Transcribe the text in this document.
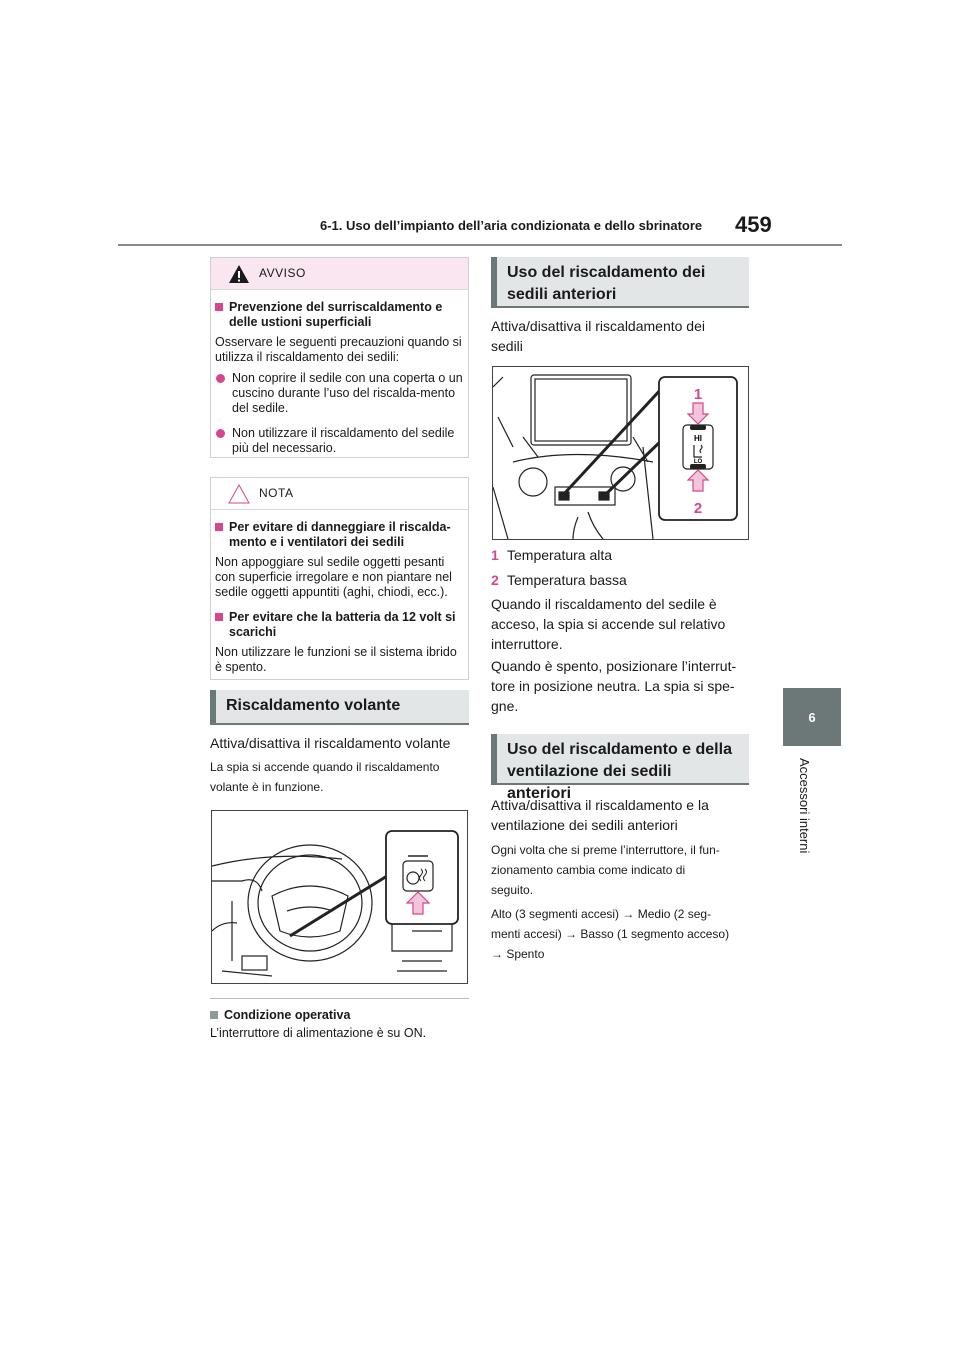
6-1. Uso dell’impianto dell’aria condizionata e dello sbrinatore 459
6
Accessori interni
AVVISO
Prevenzione del surriscaldamento e delle ustioni superficiali
Osservare le seguenti precauzioni quando si utilizza il riscaldamento dei sedili:
Non coprire il sedile con una coperta o un cuscino durante l’uso del riscalda-mento del sedile.
Non utilizzare il riscaldamento del sedile più del necessario.
NOTA
Per evitare di danneggiare il riscalda-mento e i ventilatori dei sedili
Non appoggiare sul sedile oggetti pesanti con superficie irregolare e non piantare nel sedile oggetti appuntiti (aghi, chiodi, ecc.).
Per evitare che la batteria da 12 volt si scarichi
Non utilizzare le funzioni se il sistema ibrido è spento.
Riscaldamento volante
Attiva/disattiva il riscaldamento volante
La spia si accende quando il riscaldamento
volante è in funzione.
Condizione operativa
L’interruttore di alimentazione è su ON.
Uso del riscaldamento dei
sedili anteriori
Attiva/disattiva il riscaldamento dei
sedili
HI
LO
1
2
1 Temperatura alta
2 Temperatura bassa
Quando il riscaldamento del sedile è
acceso, la spia si accende sul relativo
interruttore.
Quando è spento, posizionare l’interrut-
tore in posizione neutra. La spia si spe-
gne.
Uso del riscaldamento e della
ventilazione dei sedili anteriori
Attiva/disattiva il riscaldamento e la
ventilazione dei sedili anteriori
Ogni volta che si preme l’interruttore, il fun-
zionamento cambia come indicato di
seguito.
Alto (3 segmenti accesi) → Medio (2 seg-
menti accesi) → Basso (1 segmento acceso)
→ Spento
